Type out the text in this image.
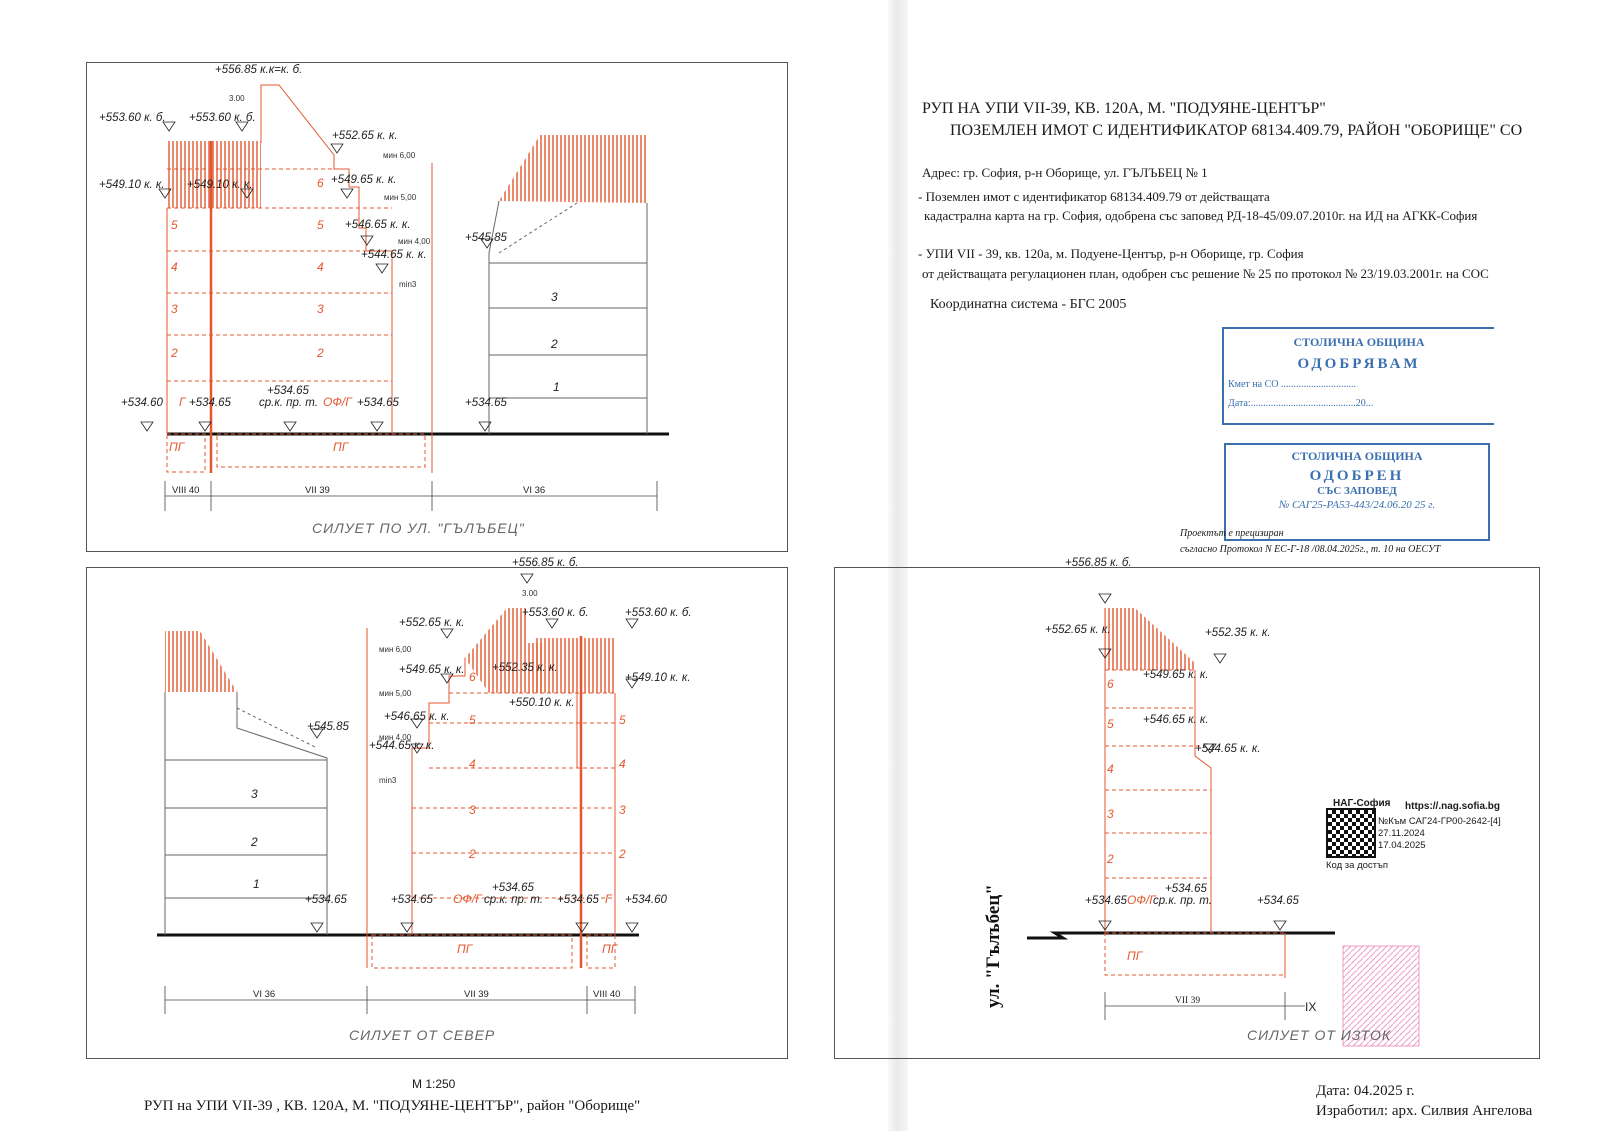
+556.85 к.к=к. б.
+553.60 к. б. +553.60 к. б.
+552.65 к. к.
+549.10 к. к. +549.10 к. к.	+549.65 к. к.
+546.65 к. к.
+545.85
+544.65 к. к.
+534.60 +534.65	+534.65	+534.65
+534.65
ср.к. пр. т. ОФ/Г
Г
3.00
мин 6,00
мин 5,00
мин 4,00
min3
5
4
3
2
6
5
4
3
2
ПГ	ПГ
3
2
1
VIII 40	VII 39	VI 36
СИЛУЕТ ПО УЛ. "ГЪЛЪБЕЦ"
+556.85 к. б.
+552.65 к. к.
+553.60 к. б.	+553.60 к. б.
+549.65 к. к. +552.35 к. к.
+549.10 к. к.
+550.10 к. к.
+546.65 к. к.
+545.85
+544.65 к. к.
+534.65	+534.65	+534.65 +534.60
+534.65
ср.к. пр. т.
ОФ/Г	Г
3.00
мин 6,00
мин 5,00
мин 4,00
min3
3
2
1
6
5
4
3
2
5
4
3
2
ПГ	ПГ
VI 36	VII 39	VIII 40
СИЛУЕТ ОТ СЕВЕР
+556.85 к. б.
+552.65 к. к.	+552.35 к. к.
+549.65 к. к.
+546.65 к. к.
+544.65 к. к.
+534.65	+534.65
+534.65
ср.к. пр. т.
ОФ/Г
6
5
4
3
2
ПГ
VII 39	IX
СИЛУЕТ ОТ ИЗТОК
ул. "Гълъбец"
РУП НА УПИ VII-39, КВ. 120А, М. "ПОДУЯНЕ-ЦЕНТЪР"
ПОЗЕМЛЕН ИМОТ С ИДЕНТИФИКАТОР 68134.409.79, РАЙОН "ОБОРИЩЕ" СО
Адрес: гр. София, р-н Оборище, ул. ГЪЛЪБЕЦ № 1
- Поземлен имот с идентификатор 68134.409.79 от действащата
кадастрална карта на гр. София, одобрена със заповед РД-18-45/09.07.2010г. на ИД на АГКК-София
- УПИ VII - 39, кв. 120а, м. Подуене-Център, р-н Оборище, гр. София
от действащата регулационен план, одобрен със решение № 25 по протокол № 23/19.03.2001г. на СОС
Координатна система - БГС 2005
СТОЛИЧНА ОБЩИНА
ОДОБРЯВАМ
Кмет на СО ..............................
Дата:..........................................20...
СТОЛИЧНА ОБЩИНА
ОДОБРЕН
СЪС ЗАПОВЕД
№ САГ25-РА53-443/24.06.20 25 г.
Проектът е прецизиран
съгласно Протокол N ЕС-Г-18 /08.04.2025г., т. 10 на ОЕСУТ
НАГ-София https://.nag.sofia.bg
№Към САГ24-ГР00-2642-[4]
27.11.2024
17.04.2025
Код за достъп
М 1:250
РУП на УПИ VII-39 , КВ. 120А, М. "ПОДУЯНЕ-ЦЕНТЪР", район "Оборище"
Дата: 04.2025 г.
Изработил: арх. Силвия Ангелова
